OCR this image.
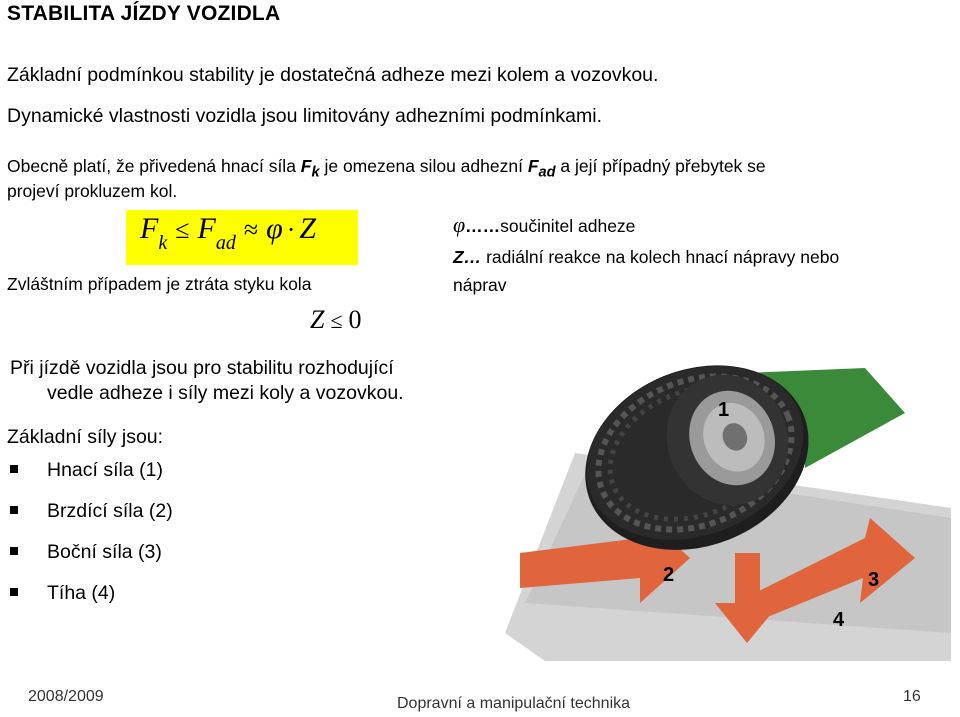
STABILITA JÍZDY VOZIDLA
Základní podmínkou stability je dostatečná adheze mezi kolem a vozovkou.
Dynamické vlastnosti vozidla jsou limitovány adhezními podmínkami.
Obecně platí, že přivedená hnací síla $F_k$ je omezena silou adhezní $F_{ad}$ a její případný přebytek se
projeví prokluzem kol.
$F_k \le F_{ad} \approx \varphi \cdot Z$	φ……součinitel adheze
Z… radiální reakce na kolech hnací nápravy nebo
náprav
Zvláštním případem je ztráta styku kola
Z ≤ 0
Při jízdě vozidla jsou pro stabilitu rozhodující
vedle adheze i síly mezi koly a vozovkou.
Základní síly jsou:
Hnací síla (1)
Brzdící síla (2)
Boční síla (3)
Tíha (4)
1
2	3
4
2008/2009	Dopravní a manipulační technika	16
